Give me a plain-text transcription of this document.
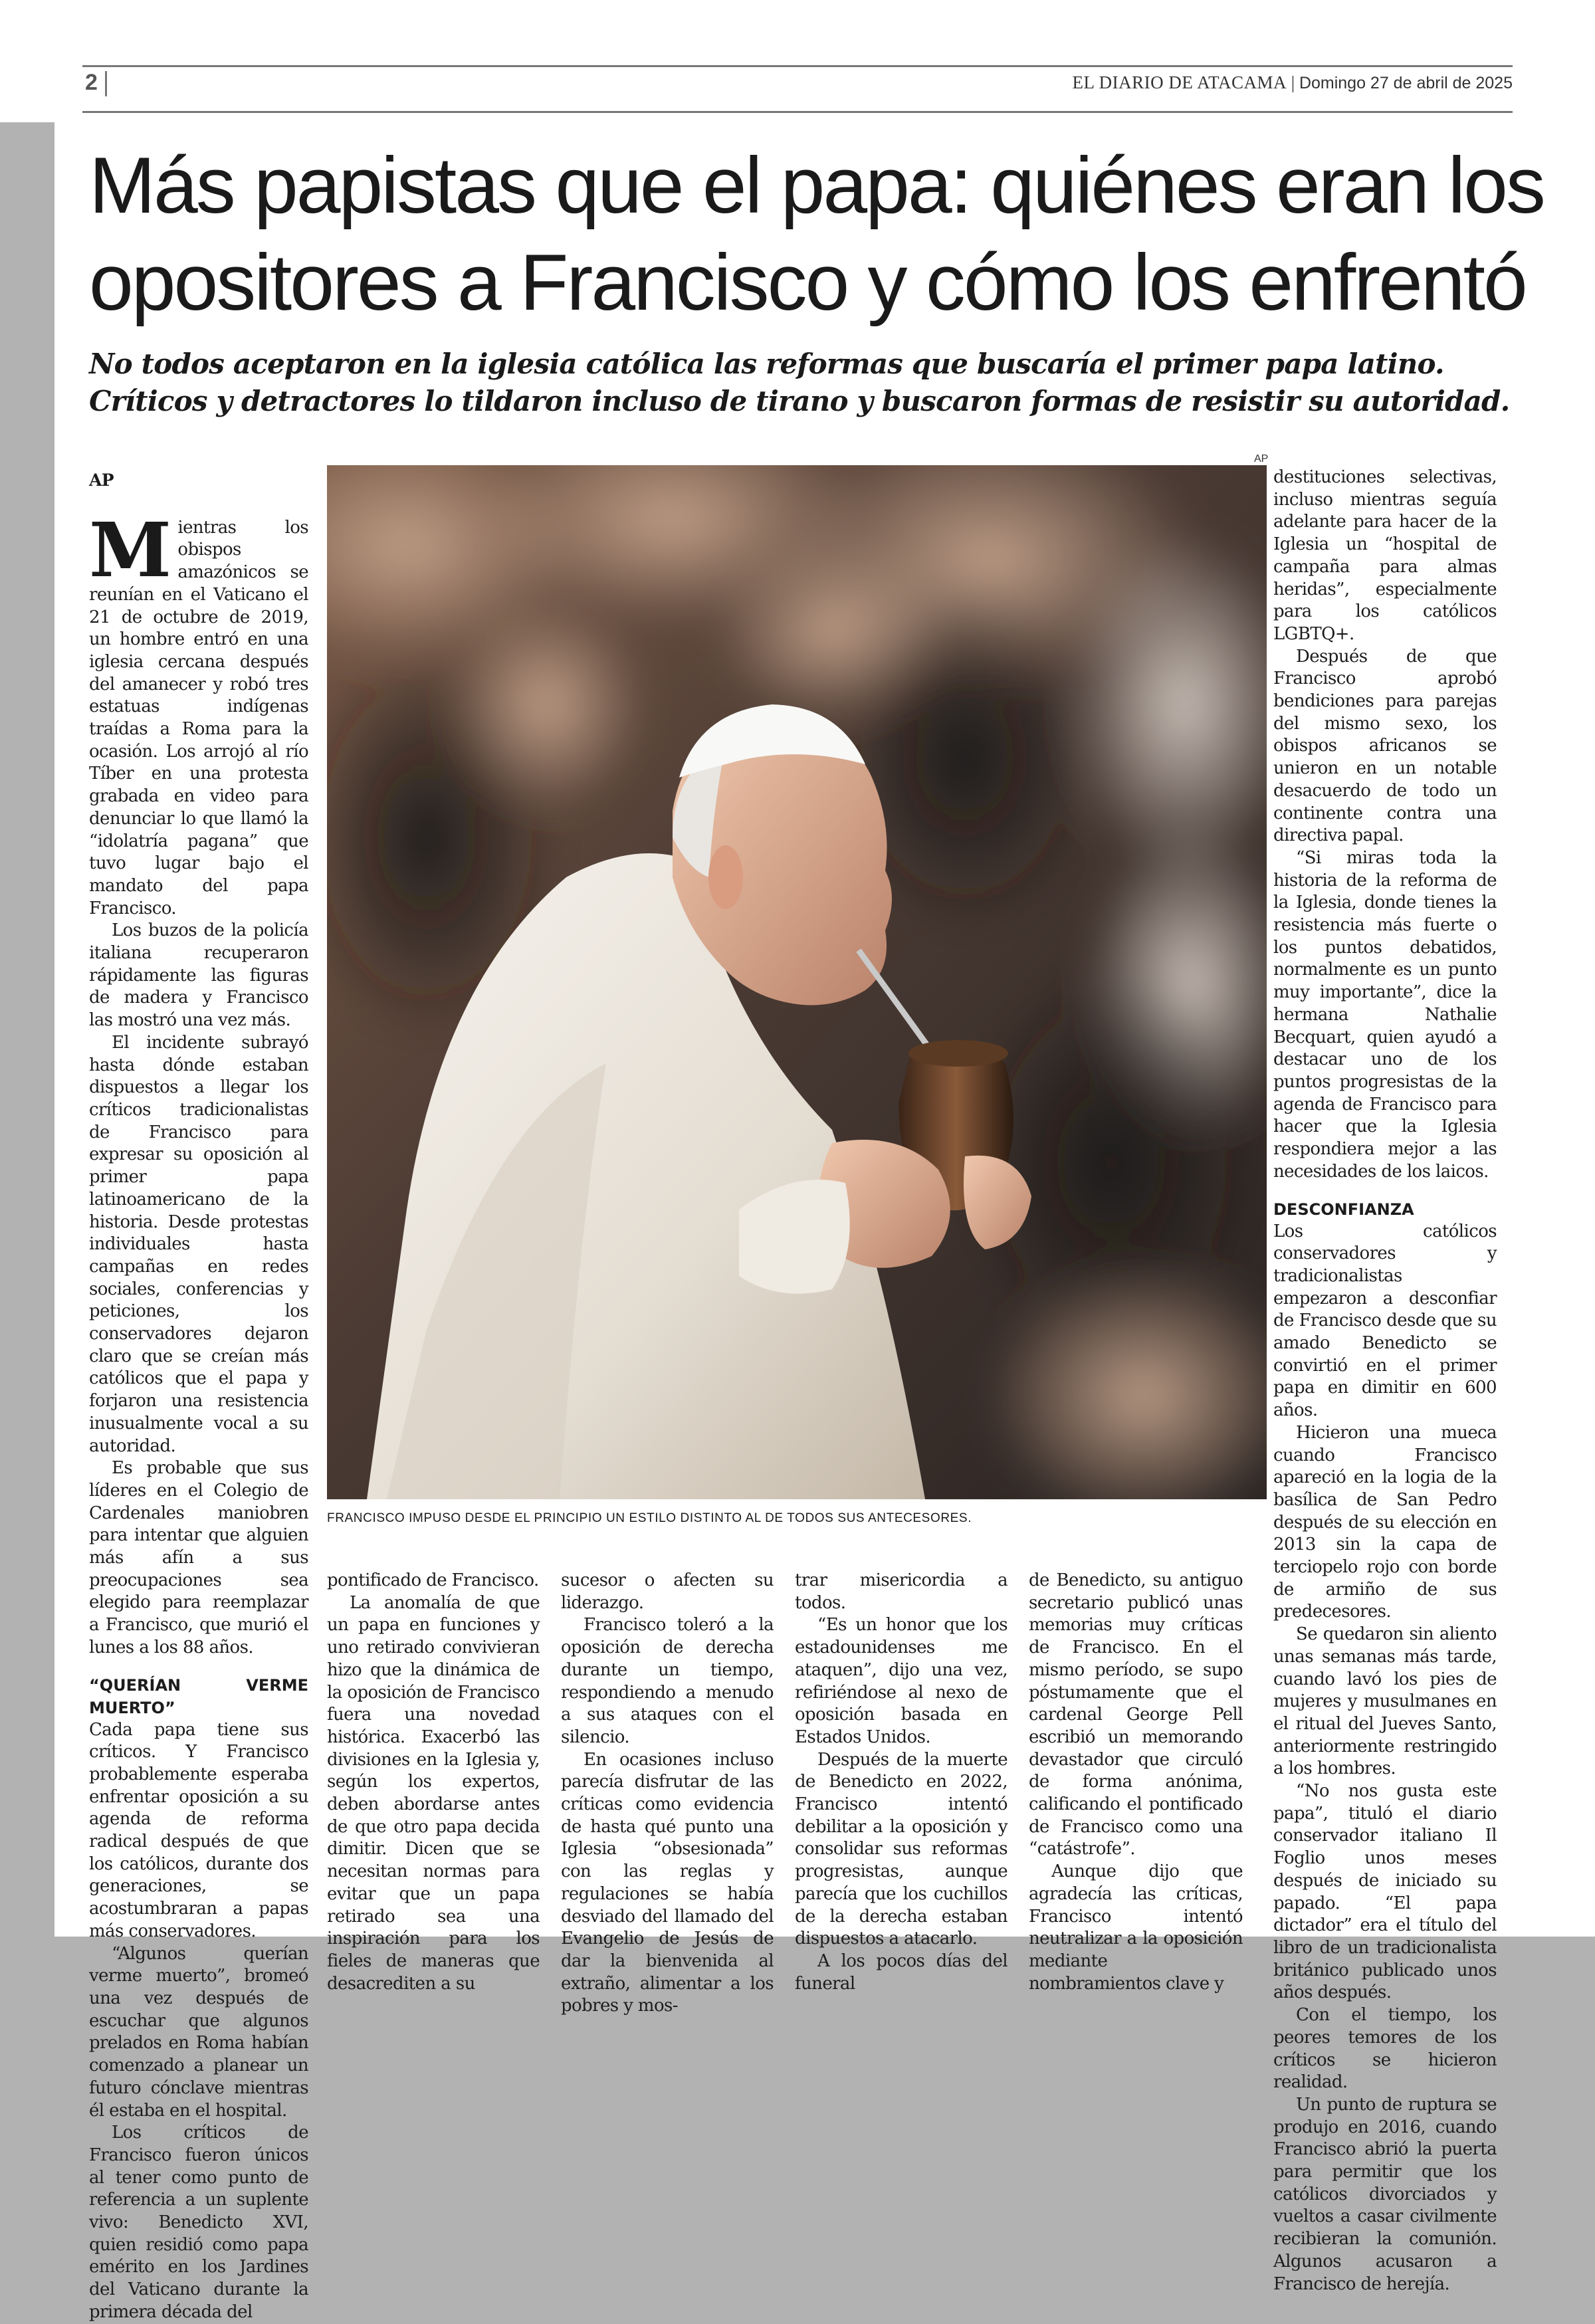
2	EL DIARIO DE ATACAMA | Domingo 27 de abril de 2025
Más papistas que el papa: quiénes eran los opositores a Francisco y cómo los enfrentó

No todos aceptaron en la iglesia católica las reformas que buscaría el primer papa latino. Críticos y detractores lo tildaron incluso de tirano y buscaron formas de resistir su autoridad.

AP

Mientras los obispos amazónicos se reunían en el Vaticano el 21 de octubre de 2019, un hombre entró en una iglesia cercana después del amanecer y robó tres estatuas indígenas traídas a Roma para la ocasión. Los arrojó al río Tíber en una protesta grabada en video para denunciar lo que llamó la “idolatría pagana” que tuvo lugar bajo el mandato del papa Francisco.

Los buzos de la policía italiana recuperaron rápidamente las figuras de madera y Francisco las mostró una vez más.

El incidente subrayó hasta dónde estaban dispuestos a llegar los críticos tradicionalistas de Francisco para expresar su oposición al primer papa latinoamericano de la historia. Desde protestas individuales hasta campañas en redes sociales, conferencias y peticiones, los conservadores dejaron claro que se creían más católicos que el papa y forjaron una resistencia inusualmente vocal a su autoridad.

Es probable que sus líderes en el Colegio de Cardenales maniobren para intentar que alguien más afín a sus preocupaciones sea elegido para reemplazar a Francisco, que murió el lunes a los 88 años.

“QUERÍAN VERME MUERTO”

Cada papa tiene sus críticos. Y Francisco probablemente esperaba enfrentar oposición a su agenda de reforma radical después de que los católicos, durante dos generaciones, se acostumbraran a papas más conservadores.

“Algunos querían verme muerto”, bromeó una vez después de escuchar que algunos prelados en Roma habían comenzado a planear un futuro cónclave mientras él estaba en el hospital.

Los críticos de Francisco fueron únicos al tener como punto de referencia a un suplente vivo: Benedicto XVI, quien residió como papa emérito en los Jardines del Vaticano durante la primera década del

AP
FRANCISCO IMPUSO DESDE EL PRINCIPIO UN ESTILO DISTINTO AL DE TODOS SUS ANTECESORES.

pontificado de Francisco.

La anomalía de que un papa en funciones y uno retirado convivieran hizo que la dinámica de la oposición de Francisco fuera una novedad histórica. Exacerbó las divisiones en la Iglesia y, según los expertos, deben abordarse antes de que otro papa decida dimitir. Dicen que se necesitan normas para evitar que un papa retirado sea una inspiración para los fieles de maneras que desacrediten a su

sucesor o afecten su liderazgo.

Francisco toleró a la oposición de derecha durante un tiempo, respondiendo a menudo a sus ataques con el silencio.

En ocasiones incluso parecía disfrutar de las críticas como evidencia de hasta qué punto una Iglesia “obsesionada” con las reglas y regulaciones se había desviado del llamado del Evangelio de Jesús de dar la bienvenida al extraño, alimentar a los pobres y mos-

trar misericordia a todos.

“Es un honor que los estadounidenses me ataquen”, dijo una vez, refiriéndose al nexo de oposición basada en Estados Unidos.

Después de la muerte de Benedicto en 2022, Francisco intentó debilitar a la oposición y consolidar sus reformas progresistas, aunque parecía que los cuchillos de la derecha estaban dispuestos a atacarlo.

A los pocos días del funeral

de Benedicto, su antiguo secretario publicó unas memorias muy críticas de Francisco. En el mismo período, se supo póstumamente que el cardenal George Pell escribió un memorando devastador que circuló de forma anónima, calificando el pontificado de Francisco como una “catástrofe”.

Aunque dijo que agradecía las críticas, Francisco intentó neutralizar a la oposición mediante nombramientos clave y

destituciones selectivas, incluso mientras seguía adelante para hacer de la Iglesia un “hospital de campaña para almas heridas”, especialmente para los católicos LGBTQ+.

Después de que Francisco aprobó bendiciones para parejas del mismo sexo, los obispos africanos se unieron en un notable desacuerdo de todo un continente contra una directiva papal.

“Si miras toda la historia de la reforma de la Iglesia, donde tienes la resistencia más fuerte o los puntos debatidos, normalmente es un punto muy importante”, dice la hermana Nathalie Becquart, quien ayudó a destacar uno de los puntos progresistas de la agenda de Francisco para hacer que la Iglesia respondiera mejor a las necesidades de los laicos.

DESCONFIANZA

Los católicos conservadores y tradicionalistas empezaron a desconfiar de Francisco desde que su amado Benedicto se convirtió en el primer papa en dimitir en 600 años.

Hicieron una mueca cuando Francisco apareció en la logia de la basílica de San Pedro después de su elección en 2013 sin la capa de terciopelo rojo con borde de armiño de sus predecesores.

Se quedaron sin aliento unas semanas más tarde, cuando lavó los pies de mujeres y musulmanes en el ritual del Jueves Santo, anteriormente restringido a los hombres.

“No nos gusta este papa”, tituló el diario conservador italiano Il Foglio unos meses después de iniciado su papado. “El papa dictador” era el título del libro de un tradicionalista británico publicado unos años después.

Con el tiempo, los peores temores de los críticos se hicieron realidad.

Un punto de ruptura se produjo en 2016, cuando Francisco abrió la puerta para permitir que los católicos divorciados y vueltos a casar civilmente recibieran la comunión. Algunos acusaron a Francisco de herejía.
